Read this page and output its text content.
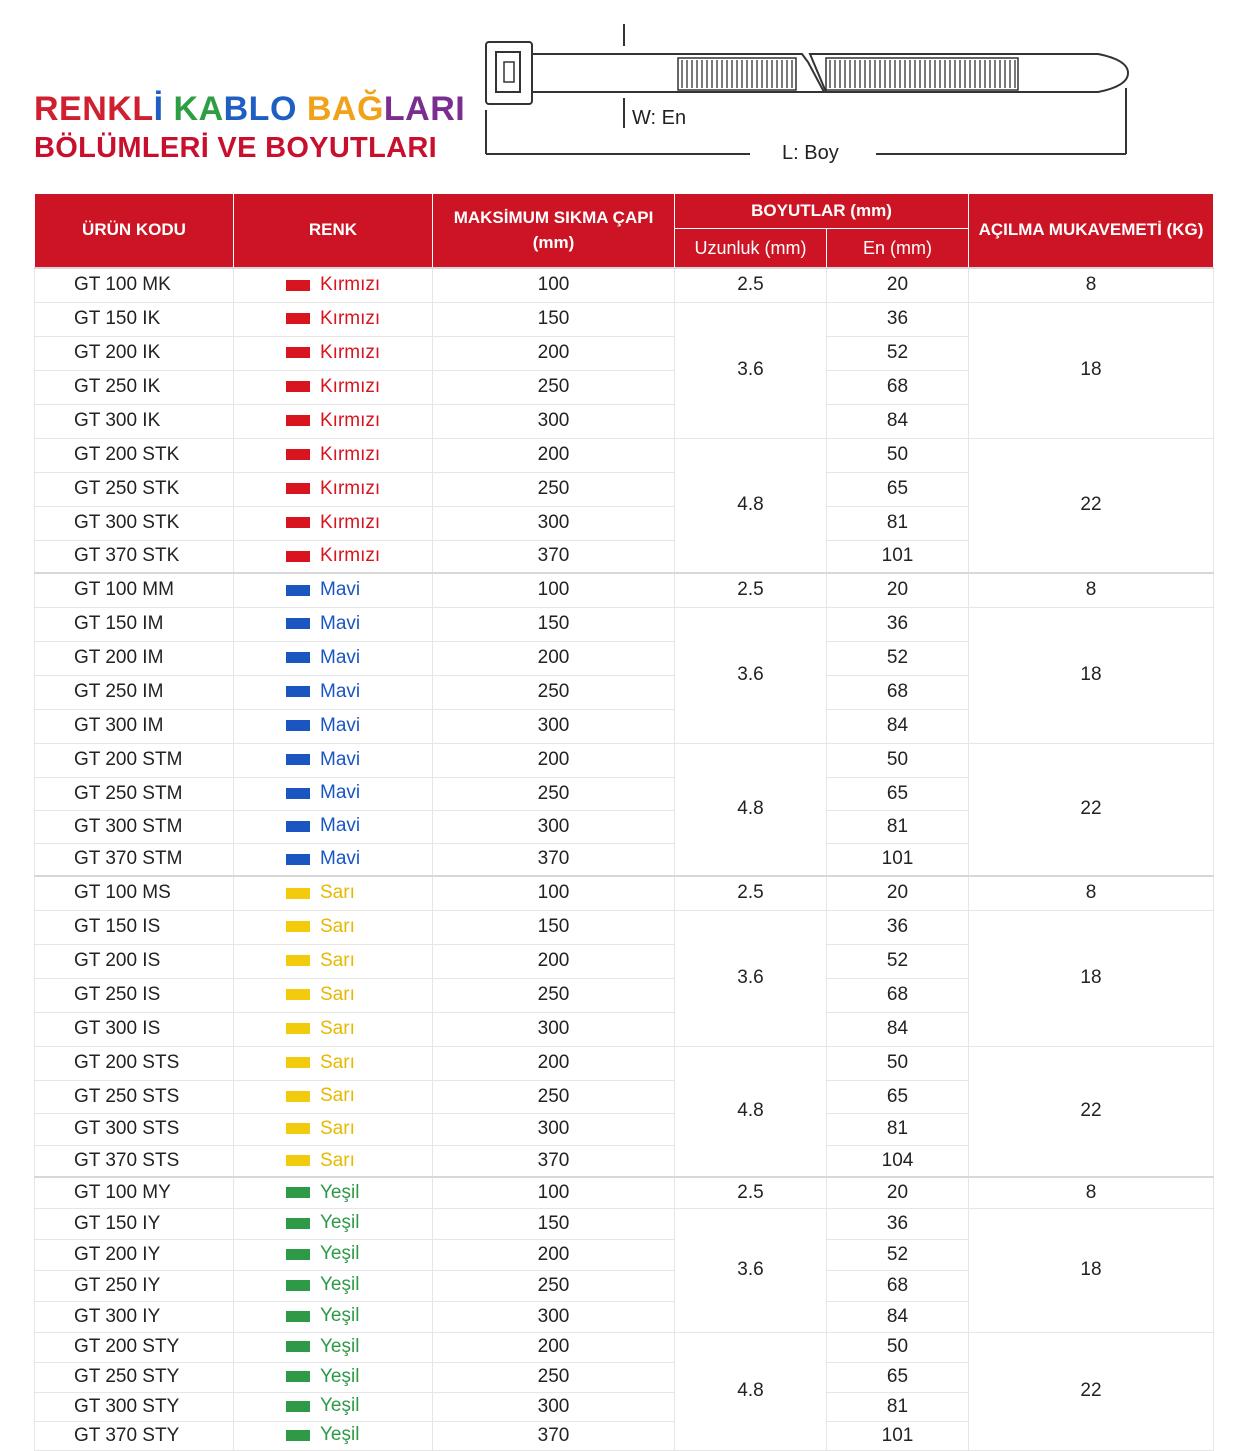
RENKLİ KABLO BAĞLARI
BÖLÜMLERİ VE BOYUTLARI
W: En
L: Boy
ÜRÜN KODU	RENK	MAKSİMUM SIKMA ÇAPI (mm)	BOYUTLAR (mm)		AÇILMA MUKAVEMETİ (KG)
			Uzunluk (mm)	En (mm)	
GT 100 MK	Kırmızı	100	2.5	20	8
GT 150 IK	Kırmızı	150	3.6	36	18
GT 200 IK	Kırmızı	200		52	
GT 250 IK	Kırmızı	250		68	
GT 300 IK	Kırmızı	300		84	
GT 200 STK	Kırmızı	200	4.8	50	22
GT 250 STK	Kırmızı	250		65	
GT 300 STK	Kırmızı	300		81	
GT 370 STK	Kırmızı	370		101	
GT 100 MM	Mavi	100	2.5	20	8
GT 150 IM	Mavi	150	3.6	36	18
GT 200 IM	Mavi	200		52	
GT 250 IM	Mavi	250		68	
GT 300 IM	Mavi	300		84	
GT 200 STM	Mavi	200	4.8	50	22
GT 250 STM	Mavi	250		65	
GT 300 STM	Mavi	300		81	
GT 370 STM	Mavi	370		101	
GT 100 MS	Sarı	100	2.5	20	8
GT 150 IS	Sarı	150	3.6	36	18
GT 200 IS	Sarı	200		52	
GT 250 IS	Sarı	250		68	
GT 300 IS	Sarı	300		84	
GT 200 STS	Sarı	200	4.8	50	22
GT 250 STS	Sarı	250		65	
GT 300 STS	Sarı	300		81	
GT 370 STS	Sarı	370		104	
GT 100 MY	Yeşil	100	2.5	20	8
GT 150 IY	Yeşil	150	3.6	36	18
GT 200 IY	Yeşil	200		52	
GT 250 IY	Yeşil	250		68	
GT 300 IY	Yeşil	300		84	
GT 200 STY	Yeşil	200	4.8	50	22
GT 250 STY	Yeşil	250		65	
GT 300 STY	Yeşil	300		81	
GT 370 STY	Yeşil	370		101	
